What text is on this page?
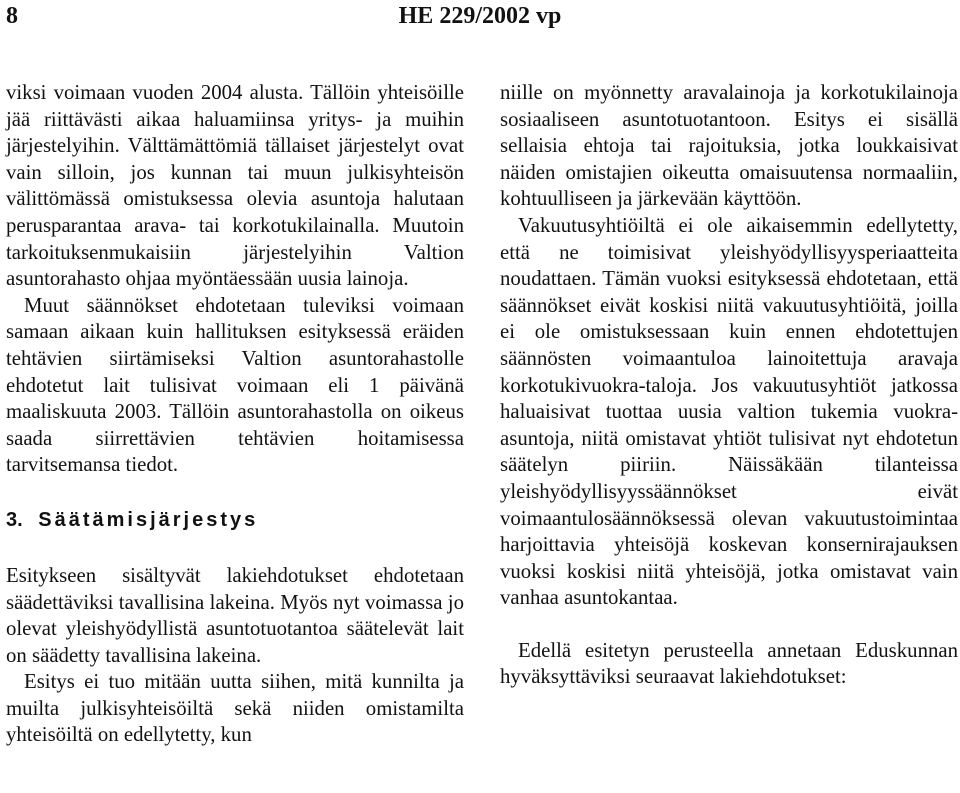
8	HE 229/2002 vp

viksi voimaan vuoden 2004 alusta. Tällöin yhteisöille jää riittävästi aikaa haluamiinsa yritys- ja muihin järjestelyihin. Välttämättömiä tällaiset järjestelyt ovat vain silloin, jos kunnan tai muun julkisyhteisön välittömässä omistuksessa olevia asuntoja halutaan perusparantaa arava- tai korkotukilainalla. Muutoin tarkoituksenmukaisiin järjestelyihin Valtion asuntorahasto ohjaa myöntäessään uusia lainoja.

Muut säännökset ehdotetaan tuleviksi voimaan samaan aikaan kuin hallituksen esityksessä eräiden tehtävien siirtämiseksi Valtion asuntorahastolle ehdotetut lait tulisivat voimaan eli 1 päivänä maaliskuuta 2003. Tällöin asuntorahastolla on oikeus saada siirrettävien tehtävien hoitamisessa tarvitsemansa tiedot.

3. Säätämisjärjestys

Esitykseen sisältyvät lakiehdotukset ehdotetaan säädettäviksi tavallisina lakeina. Myös nyt voimassa jo olevat yleishyödyllistä asuntotuotantoa säätelevät lait on säädetty tavallisina lakeina.

Esitys ei tuo mitään uutta siihen, mitä kunnilta ja muilta julkisyhteisöiltä sekä niiden omistamilta yhteisöiltä on edellytetty, kun

niille on myönnetty aravalainoja ja korkotukilainoja sosiaaliseen asuntotuotantoon. Esitys ei sisällä sellaisia ehtoja tai rajoituksia, jotka loukkaisivat näiden omistajien oikeutta omaisuutensa normaaliin, kohtuulliseen ja järkevään käyttöön.

Vakuutusyhtiöiltä ei ole aikaisemmin edellytetty, että ne toimisivat yleishyödyllisyysperiaatteita noudattaen. Tämän vuoksi esityksessä ehdotetaan, että säännökset eivät koskisi niitä vakuutusyhtiöitä, joilla ei ole omistuksessaan kuin ennen ehdotettujen säännösten voimaantuloa lainoitettuja aravaja korkotukivuokra-taloja. Jos vakuutusyhtiöt jatkossa haluaisivat tuottaa uusia valtion tukemia vuokra-asuntoja, niitä omistavat yhtiöt tulisivat nyt ehdotetun säätelyn piiriin. Näissäkään tilanteissa yleishyödyllisyyssäännökset eivät voimaantulosäännöksessä olevan vakuutustoimintaa harjoittavia yhteisöjä koskevan konsernirajauksen vuoksi koskisi niitä yhteisöjä, jotka omistavat vain vanhaa asuntokantaa.

Edellä esitetyn perusteella annetaan Eduskunnan hyväksyttäviksi seuraavat lakiehdotukset:
